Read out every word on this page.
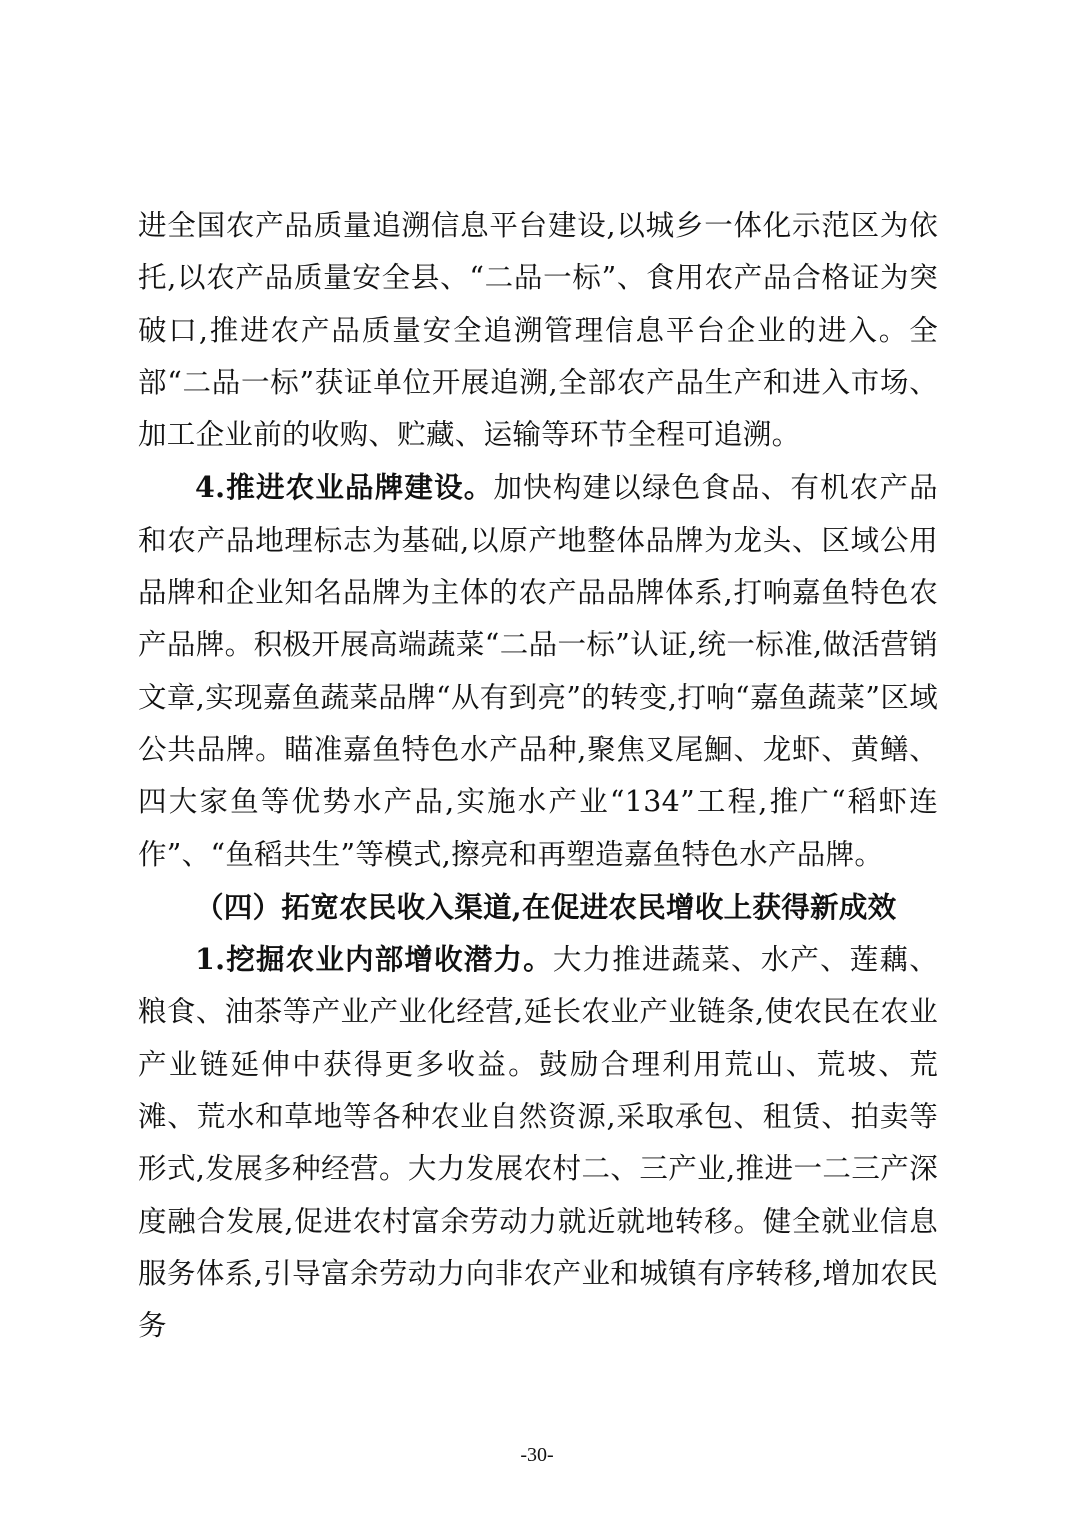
进全国农产品质量追溯信息平台建设,以城乡一体化示范区为依托,以农产品质量安全县、“二品一标”、食用农产品合格证为突破口,推进农产品质量安全追溯管理信息平台企业的进入。全部“二品一标”获证单位开展追溯,全部农产品生产和进入市场、加工企业前的收购、贮藏、运输等环节全程可追溯。

4.推进农业品牌建设。加快构建以绿色食品、有机农产品和农产品地理标志为基础,以原产地整体品牌为龙头、区域公用品牌和企业知名品牌为主体的农产品品牌体系,打响嘉鱼特色农产品牌。积极开展高端蔬菜“二品一标”认证,统一标准,做活营销文章,实现嘉鱼蔬菜品牌“从有到亮”的转变,打响“嘉鱼蔬菜”区域公共品牌。瞄准嘉鱼特色水产品种,聚焦叉尾鮰、龙虾、黄鳝、四大家鱼等优势水产品,实施水产业“134”工程,推广“稻虾连作”、“鱼稻共生”等模式,擦亮和再塑造嘉鱼特色水产品牌。

（四）拓宽农民收入渠道,在促进农民增收上获得新成效

1.挖掘农业内部增收潜力。大力推进蔬菜、水产、莲藕、粮食、油茶等产业产业化经营,延长农业产业链条,使农民在农业产业链延伸中获得更多收益。鼓励合理利用荒山、荒坡、荒滩、荒水和草地等各种农业自然资源,采取承包、租赁、拍卖等形式,发展多种经营。大力发展农村二、三产业,推进一二三产深度融合发展,促进农村富余劳动力就近就地转移。健全就业信息服务体系,引导富余劳动力向非农产业和城镇有序转移,增加农民务

-30-
